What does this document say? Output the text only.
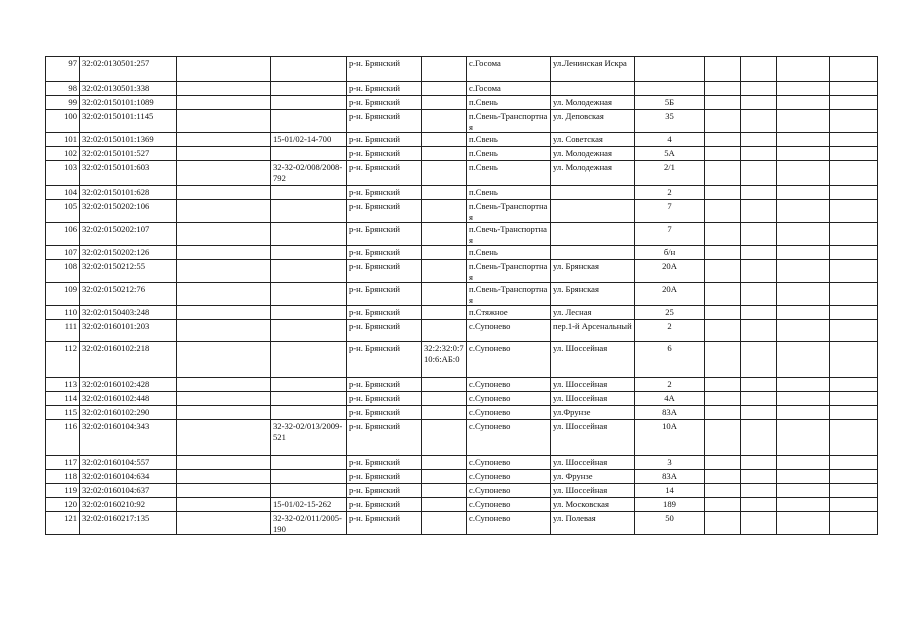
97	32:02:0130501:257			р-н. Брянский		с.Госома	ул.Ленинская Искра					
98	32:02:0130501:338			р-н. Брянский		с.Госома						
99	32:02:0150101:1089			р-н. Брянский		п.Свень	ул. Молодежная	5Б				
100	32:02:0150101:1145			р-н. Брянский		п.Свень-Транспортная	ул. Деповская	35				
101	32:02:0150101:1369		15-01/02-14-700	р-н. Брянский		п.Свень	ул. Советская	4				
102	32:02:0150101:527			р-н. Брянский		п.Свень	ул. Молодежная	5А				
103	32:02:0150101:603		32-32-02/008/2008-792	р-н. Брянский		п.Свень	ул. Молодежная	2/1				
104	32:02:0150101:628			р-н. Брянский		п.Свень		2				
105	32:02:0150202:106			р-н. Брянский		п.Свень-Транспортная		7				
106	32:02:0150202:107			р-н. Брянский		п.Свечь-Транспортная		7				
107	32:02:0150202:126			р-н. Брянский		п.Свень		б/н				
108	32:02:0150212:55			р-н. Брянский		п.Свень-Транспортная	ул. Брянская	20А				
109	32:02:0150212:76			р-н. Брянский		п.Свень-Транспортная	ул. Брянская	20А				
110	32:02:0150403:248			р-н. Брянский		п.Стяжное	ул. Лесная	25				
111	32:02:0160101:203			р-н. Брянский		с.Супонево	пер.1-й Арсенальный	2				
112	32:02:0160102:218			р-н. Брянский	32:2:32:0:7 10:6:АБ:0	с.Супонево	ул. Шоссейная	6				
113	32:02:0160102:428			р-н. Брянский		с.Супонево	ул. Шоссейная	2				
114	32:02:0160102:448			р-н. Брянский		с.Супонево	ул. Шоссейная	4А				
115	32:02:0160102:290			р-н. Брянский		с.Супонево	ул.Фрунзе	83А				
116	32:02:0160104:343		32-32-02/013/2009-521	р-н. Брянский		с.Супонево	ул. Шоссейная	10А				
117	32:02:0160104:557			р-н. Брянский		с.Супонево	ул. Шоссейная	3				
118	32:02:0160104:634			р-н. Брянский		с.Супонево	ул. Фрунзе	83А				
119	32:02:0160104:637			р-н. Брянский		с.Супонево	ул. Шоссейная	14				
120	32:02:0160210:92		15-01/02-15-262	р-н. Брянский		с.Супонево	ул. Московская	189				
121	32:02:0160217:135		32-32-02/011/2005-190	р-н. Брянский		с.Супонево	ул. Полевая	50				
